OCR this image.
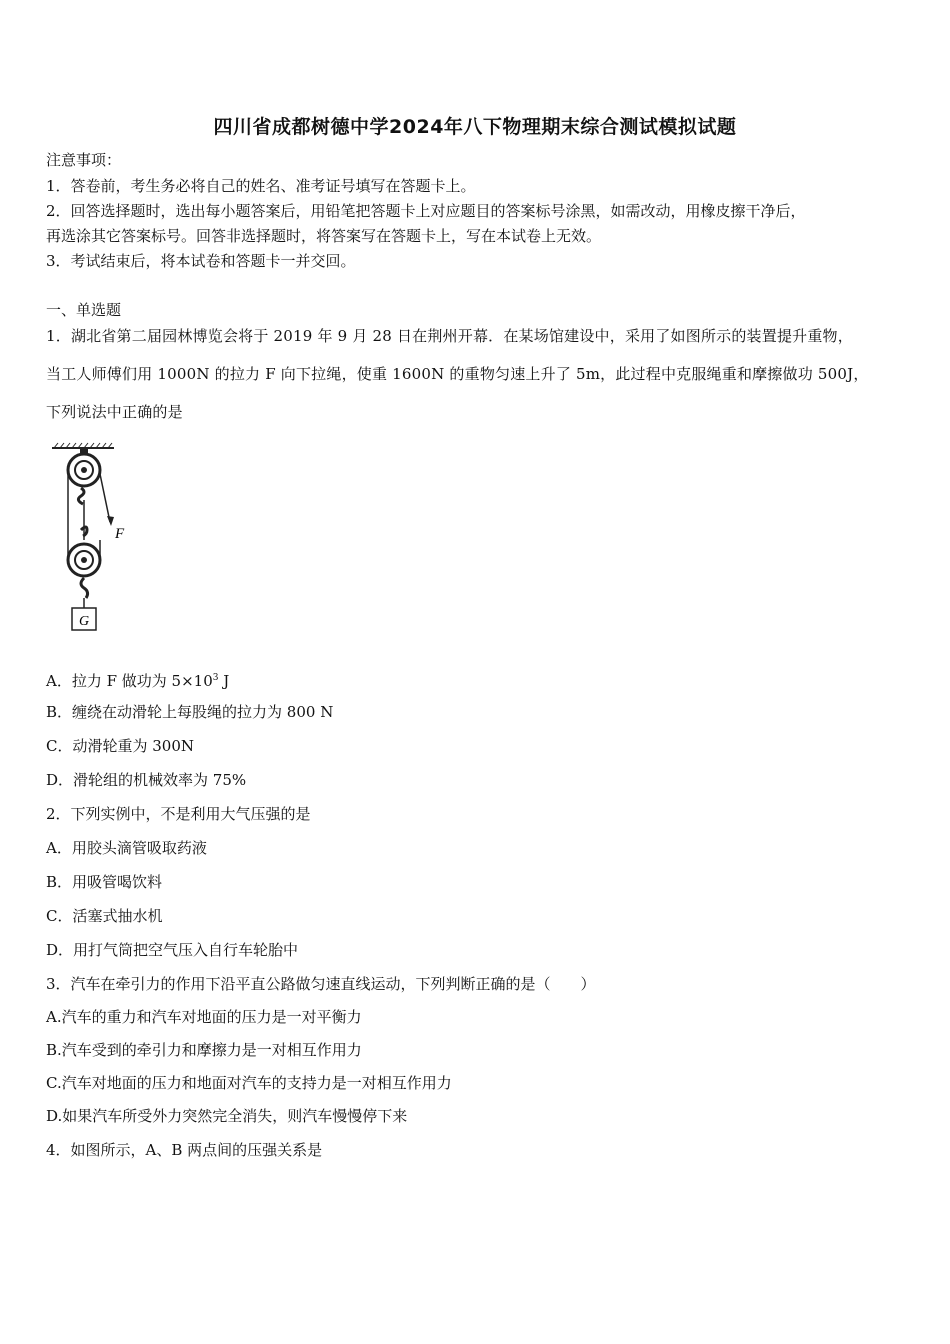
四川省成都树德中学2024年八下物理期末综合测试模拟试题
注意事项：
1．答卷前，考生务必将自己的姓名、准考证号填写在答题卡上。
2．回答选择题时，选出每小题答案后，用铅笔把答题卡上对应题目的答案标号涂黑，如需改动，用橡皮擦干净后，
再选涂其它答案标号。回答非选择题时，将答案写在答题卡上，写在本试卷上无效。
3．考试结束后，将本试卷和答题卡一并交回。
一、单选题
1．湖北省第二届园林博览会将于 2019 年 9 月 28 日在荆州开幕．在某场馆建设中，采用了如图所示的装置提升重物，
当工人师傅们用 1000N 的拉力 F 向下拉绳，使重 1600N 的重物匀速上升了 5m，此过程中克服绳重和摩擦做功 500J，
下列说法中正确的是
F
G
A．拉力 F 做功为 $5\times 10^3$ J
B．缠绕在动滑轮上每股绳的拉力为 800 N
C．动滑轮重为 300N
D．滑轮组的机械效率为 75%
2．下列实例中，不是利用大气压强的是
A．用胶头滴管吸取药液
B．用吸管喝饮料
C．活塞式抽水机
D．用打气筒把空气压入自行车轮胎中
3．汽车在牵引力的作用下沿平直公路做匀速直线运动，下列判断正确的是（　　）
A.汽车的重力和汽车对地面的压力是一对平衡力
B.汽车受到的牵引力和摩擦力是一对相互作用力
C.汽车对地面的压力和地面对汽车的支持力是一对相互作用力
D.如果汽车所受外力突然完全消失，则汽车慢慢停下来
4．如图所示，A、B 两点间的压强关系是
